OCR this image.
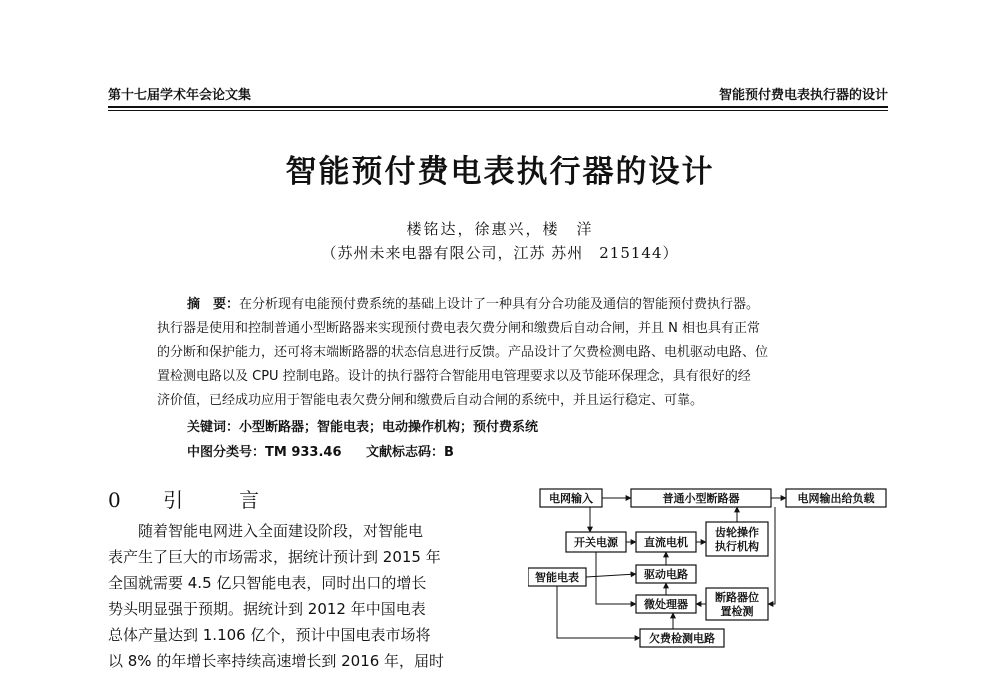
第十七届学术年会论文集	智能预付费电表执行器的设计
智能预付费电表执行器的设计
楼铭达，徐惠兴，楼　洋
（苏州未来电器有限公司，江苏 苏州　215144）
摘　要：在分析现有电能预付费系统的基础上设计了一种具有分合功能及通信的智能预付费执行器。
执行器是使用和控制普通小型断路器来实现预付费电表欠费分闸和缴费后自动合闸，并且 N 相也具有正常
的分断和保护能力，还可将末端断路器的状态信息进行反馈。产品设计了欠费检测电路、电机驱动电路、位
置检测电路以及 CPU 控制电路。设计的执行器符合智能用电管理要求以及节能环保理念，具有很好的经
济价值，已经成功应用于智能电表欠费分闸和缴费后自动合闸的系统中，并且运行稳定、可靠。
关键词：小型断路器；智能电表；电动操作机构；预付费系统
中图分类号：TM 933.46 文献标志码：B
0 引　言
随着智能电网进入全面建设阶段，对智能电
表产生了巨大的市场需求，据统计预计到 2015 年
全国就需要 4.5 亿只智能电表，同时出口的增长
势头明显强于预期。据统计到 2012 年中国电表
总体产量达到 1.106 亿个，预计中国电表市场将
以 8% 的年增长率持续高速增长到 2016 年，届时
电网输入	普通小型断路器	电网输出给负载
开关电源 直流电机
齿轮操作
执行机构
智能电表	驱动电路
微处理器
断路器位
置检测
欠费检测电路
